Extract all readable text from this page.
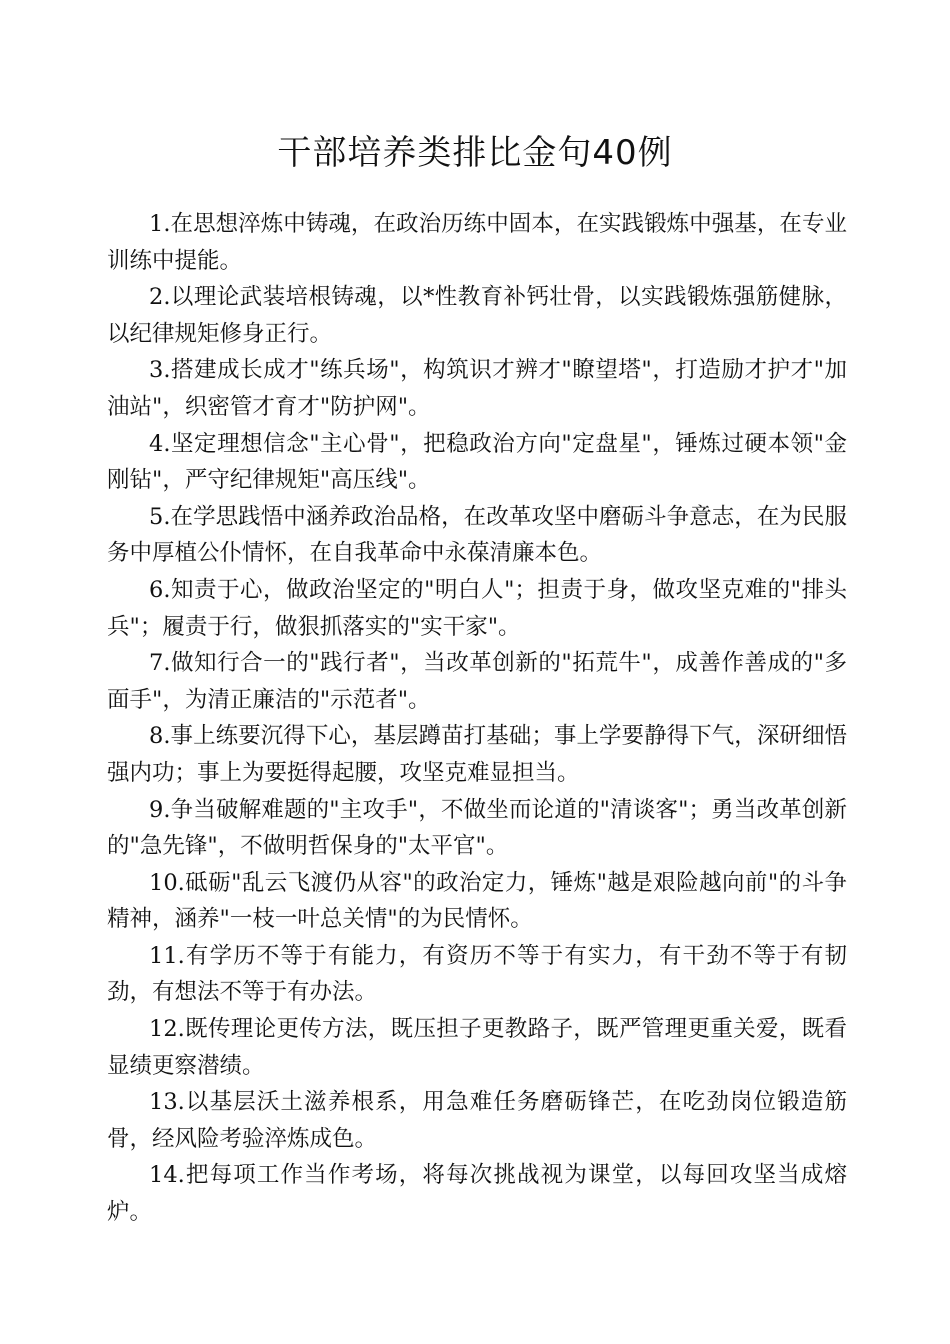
干部培养类排比金句40例

1.在思想淬炼中铸魂，在政治历练中固本，在实践锻炼中强基，在专业训练中提能。

2.以理论武装培根铸魂，以*性教育补钙壮骨，以实践锻炼强筋健脉，以纪律规矩修身正行。

3.搭建成长成才"练兵场"，构筑识才辨才"瞭望塔"，打造励才护才"加油站"，织密管才育才"防护网"。

4.坚定理想信念"主心骨"，把稳政治方向"定盘星"，锤炼过硬本领"金刚钻"，严守纪律规矩"高压线"。

5.在学思践悟中涵养政治品格，在改革攻坚中磨砺斗争意志，在为民服务中厚植公仆情怀，在自我革命中永葆清廉本色。

6.知责于心，做政治坚定的"明白人"；担责于身，做攻坚克难的"排头兵"；履责于行，做狠抓落实的"实干家"。

7.做知行合一的"践行者"，当改革创新的"拓荒牛"，成善作善成的"多面手"，为清正廉洁的"示范者"。

8.事上练要沉得下心，基层蹲苗打基础；事上学要静得下气，深研细悟强内功；事上为要挺得起腰，攻坚克难显担当。

9.争当破解难题的"主攻手"，不做坐而论道的"清谈客"；勇当改革创新的"急先锋"，不做明哲保身的"太平官"。

10.砥砺"乱云飞渡仍从容"的政治定力，锤炼"越是艰险越向前"的斗争精神，涵养"一枝一叶总关情"的为民情怀。

11.有学历不等于有能力，有资历不等于有实力，有干劲不等于有韧劲，有想法不等于有办法。

12.既传理论更传方法，既压担子更教路子，既严管理更重关爱，既看显绩更察潜绩。

13.以基层沃土滋养根系，用急难任务磨砺锋芒，在吃劲岗位锻造筋骨，经风险考验淬炼成色。

14.把每项工作当作考场，将每次挑战视为课堂，以每回攻坚当成熔炉。
